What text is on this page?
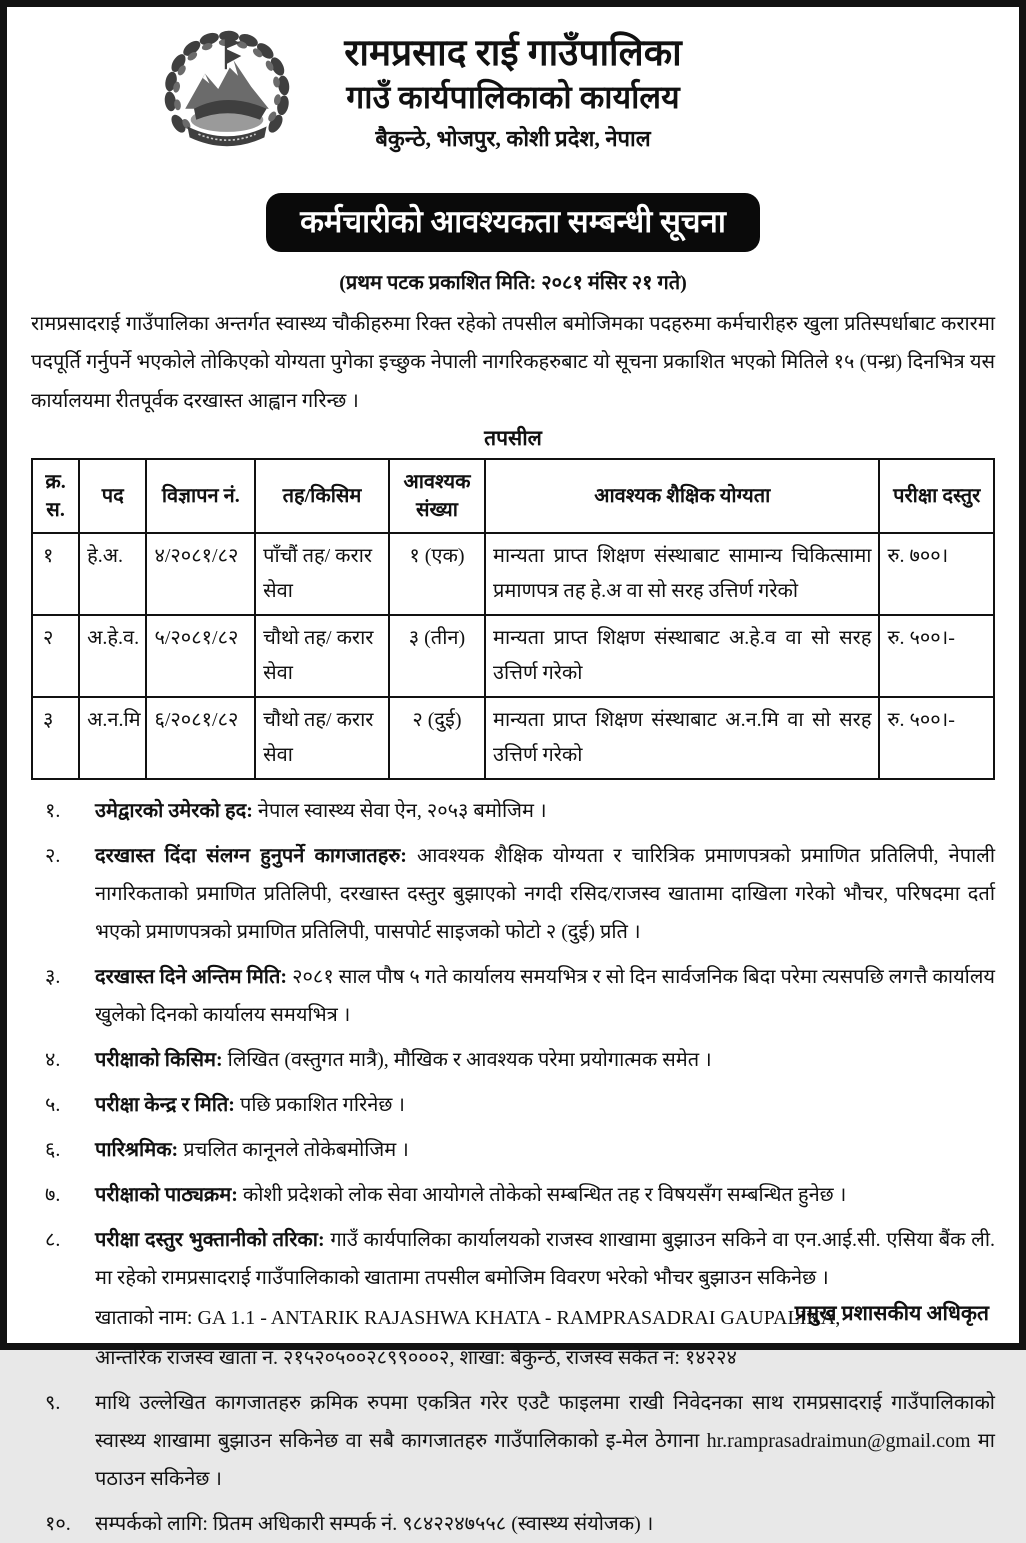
रामप्रसाद राई गाउँपालिका
गाउँ कार्यपालिकाको कार्यालय
बैकुन्ठे, भोजपुर, कोशी प्रदेश, नेपाल
कर्मचारीको आवश्यकता सम्बन्धी सूचना
(प्रथम पटक प्रकाशित मिति: २०८१ मंसिर २१ गते)

रामप्रसादराई गाउँपालिका अन्तर्गत स्वास्थ्य चौकीहरुमा रिक्त रहेको तपसील बमोजिमका पदहरुमा कर्मचारीहरु खुला प्रतिस्पर्धाबाट करारमा पदपूर्ति गर्नुपर्ने भएकोले तोकिएको योग्यता पुगेका इच्छुक नेपाली नागरिकहरुबाट यो सूचना प्रकाशित भएको मितिले १५ (पन्ध्र) दिनभित्र यस कार्यालयमा रीतपूर्वक दरखास्त आह्वान गरिन्छ ।

तपसील
क्र. स.	पद	विज्ञापन नं.	तह/किसिम	आवश्यक संख्या	आवश्यक शैक्षिक योग्यता	परीक्षा दस्तुर
१	हे.अ.	४/२०८१/८२	पाँचौं तह/ करार सेवा	१ (एक)	मान्यता प्राप्त शिक्षण संस्थाबाट सामान्य चिकित्सामा प्रमाणपत्र तह हे.अ वा सो सरह उत्तिर्ण गरेको	रु. ७००।
२	अ.हे.व.	५/२०८१/८२	चौथो तह/ करार सेवा	३ (तीन)	मान्यता प्राप्त शिक्षण संस्थाबाट अ.हे.व वा सो सरह उत्तिर्ण गरेको	रु. ५००।-
३	अ.न.मि	६/२०८१/८२	चौथो तह/ करार सेवा	२ (दुई)	मान्यता प्राप्त शिक्षण संस्थाबाट अ.न.मि वा सो सरह उत्तिर्ण गरेको	रु. ५००।-
१.	उमेद्वारको उमेरको हद: नेपाल स्वास्थ्य सेवा ऐन, २०५३ बमोजिम ।
२.	दरखास्त दिंदा संलग्न हुनुपर्ने कागजातहरु: आवश्यक शैक्षिक योग्यता र चारित्रिक प्रमाणपत्रको प्रमाणित प्रतिलिपी, नेपाली नागरिकताको प्रमाणित प्रतिलिपी, दरखास्त दस्तुर बुझाएको नगदी रसिद/राजस्व खातामा दाखिला गरेको भौचर, परिषदमा दर्ता भएको प्रमाणपत्रको प्रमाणित प्रतिलिपी, पासपोर्ट साइजको फोटो २ (दुई) प्रति ।
३.	दरखास्त दिने अन्तिम मिति: २०८१ साल पौष ५ गते कार्यालय समयभित्र र सो दिन सार्वजनिक बिदा परेमा त्यसपछि लगत्तै कार्यालय खुलेको दिनको कार्यालय समयभित्र ।
४.	परीक्षाको किसिम: लिखित (वस्तुगत मात्रै), मौखिक र आवश्यक परेमा प्रयोगात्मक समेत ।
५.	परीक्षा केन्द्र र मिति: पछि प्रकाशित गरिनेछ ।
६.	पारिश्रमिक: प्रचलित कानूनले तोकेबमोजिम ।
७.	परीक्षाको पाठ्यक्रम: कोशी प्रदेशको लोक सेवा आयोगले तोकेको सम्बन्धित तह र विषयसँग सम्बन्धित हुनेछ ।
८.	परीक्षा दस्तुर भुक्तानीको तरिका: गाउँ कार्यपालिका कार्यालयको राजस्व शाखामा बुझाउन सकिने वा एन.आई.सी. एसिया बैंक ली. मा रहेको रामप्रसादराई गाउँपालिकाको खातामा तपसील बमोजिम विवरण भरेको भौचर बुझाउन सकिनेछ ।
खाताको नाम: GA 1.1 - ANTARIK RAJASHWA KHATA - RAMPRASADRAI GAUPALIKA,
आन्तरिक राजस्व खाता नं. २१५२०५००२८९९०००२, शाखा: बैकुन्ठे, राजस्व संकेत नं: १४२२४
९.	माथि उल्लेखित कागजातहरु क्रमिक रुपमा एकत्रित गरेर एउटै फाइलमा राखी निवेदनका साथ रामप्रसादराई गाउँपालिकाको स्वास्थ्य शाखामा बुझाउन सकिनेछ वा सबै कागजातहरु गाउँपालिकाको इ-मेल ठेगाना hr.ramprasadraimun@gmail.com मा पठाउन सकिनेछ ।
१०.	सम्पर्कको लागि: प्रितम अधिकारी सम्पर्क नं. ९८४२२४७५५८ (स्वास्थ्य संयोजक) ।
प्रमुख प्रशासकीय अधिकृत
